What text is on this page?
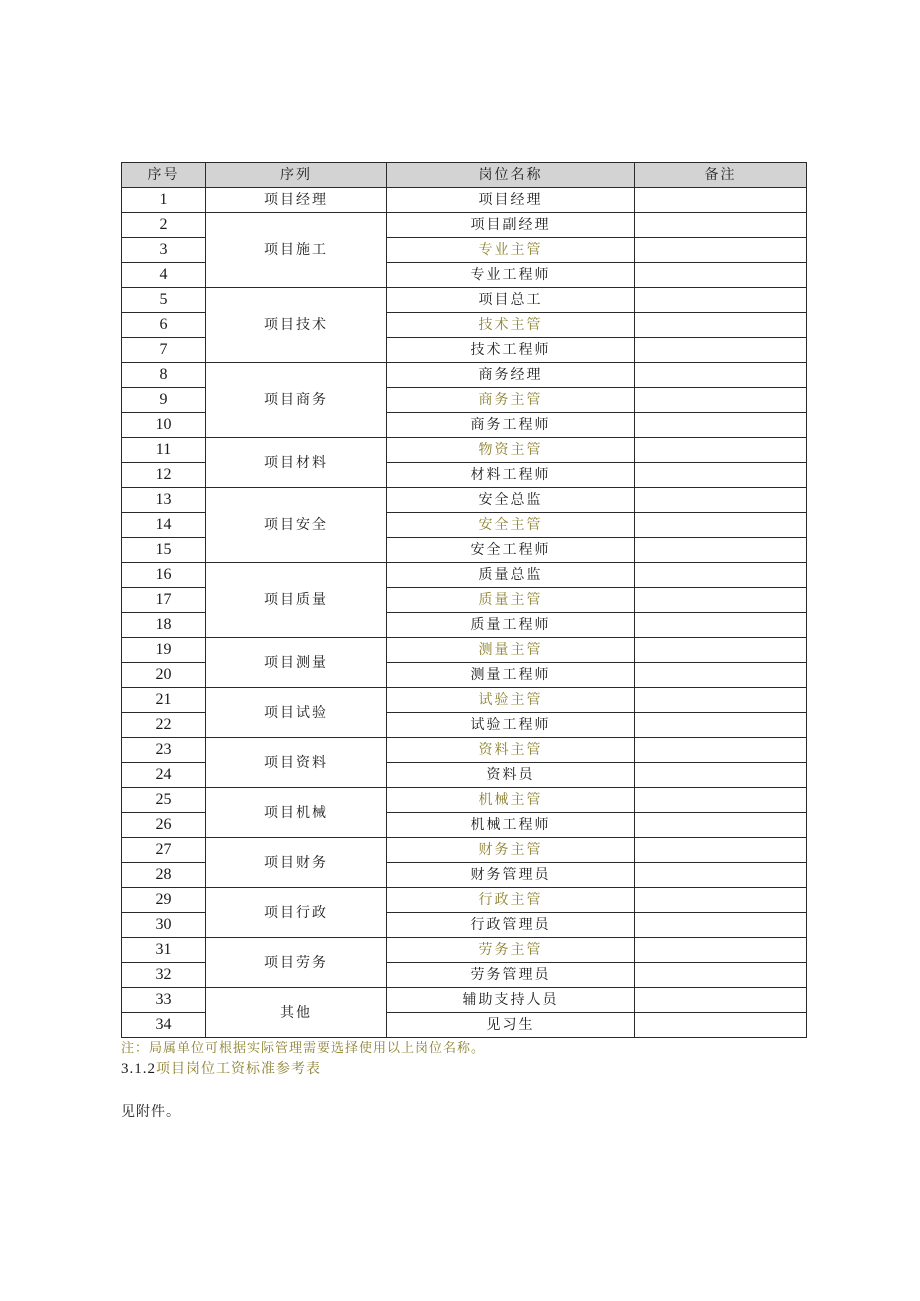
序号	序列	岗位名称	备注
1	项目经理	项目经理	
2	项目施工	项目副经理	
3		专业主管	
4		专业工程师	
5	项目技术	项目总工	
6		技术主管	
7		技术工程师	
8	项目商务	商务经理	
9		商务主管	
10		商务工程师	
11	项目材料	物资主管	
12		材料工程师	
13	项目安全	安全总监	
14		安全主管	
15		安全工程师	
16	项目质量	质量总监	
17		质量主管	
18		质量工程师	
19	项目测量	测量主管	
20		测量工程师	
21	项目试验	试验主管	
22		试验工程师	
23	项目资料	资料主管	
24		资料员	
25	项目机械	机械主管	
26		机械工程师	
27	项目财务	财务主管	
28		财务管理员	
29	项目行政	行政主管	
30		行政管理员	
31	项目劳务	劳务主管	
32		劳务管理员	
33	其他	辅助支持人员	
34		见习生	

注：局属单位可根据实际管理需要选择使用以上岗位名称。

3.1.2项目岗位工资标准参考表

见附件。
